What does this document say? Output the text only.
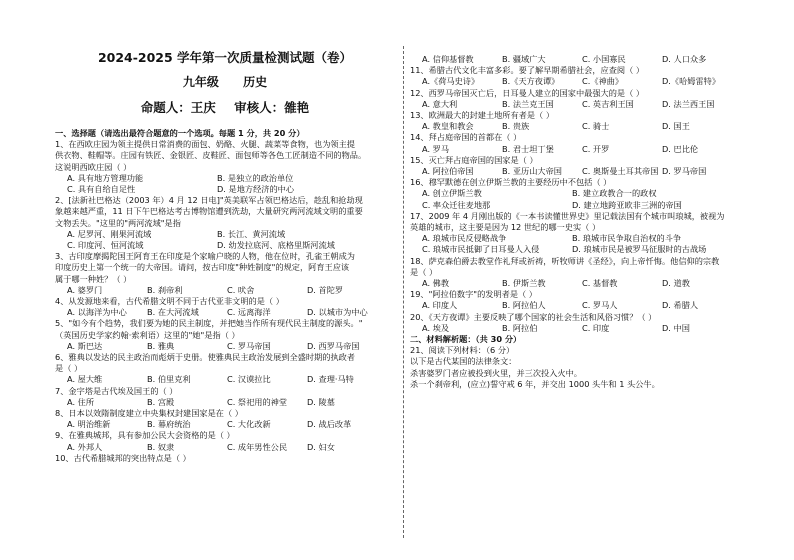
2024-2025 学年第一次质量检测试题（卷）
九年级 历史
命题人：王庆 审核人：雒艳
一、选择题（请选出最符合题意的一个选项。每题 1 分，共 20 分）
1、在西欧庄园为领主提供日常消费的面包、奶酪、火腿、蔬菜等食物，也为领主提
供衣物、鞋帽等。庄园有铁匠、金银匠、皮鞋匠、面包师等各色工匠制造不同的物品。
这说明西欧庄园（ ）
A. 具有地方管理功能	B. 是独立的政治单位
C. 具有自给自足性	D. 是地方经济的中心
2、[法新社巴格达（2003 年）4 月 12 日电]"英美联军占领巴格达后，趁乱和抢劫现
象越来越严重，11 日下午巴格达考古博物馆遭到洗劫，大量研究两河流域文明的重要
文物丢失。"这里的"两河流域"是指
A. 尼罗河、刚果河流域	B. 长江、黄河流域
C. 印度河、恒河流域	D. 幼发拉底河、底格里斯河流域
3、古印度摩揭陀国王阿育王在印度是个家喻户晓的人物，他在位时，孔雀王朝成为
印度历史上第一个统一的大帝国。请问，按古印度"种姓制度"的规定，阿育王应该
属于哪一种姓？（ ）
A. 婆罗门	B. 刹帝利	C. 吠舍	D. 首陀罗
4、从发源地来看，古代希腊文明不同于古代亚非文明的是（ ）
A. 以海洋为中心 B. 在大河流域	C. 远离海洋	D. 以城市为中心
5、"如今有个趋势，我们要为她的民主制度，并把她当作所有现代民主制度的源头。"
（英国历史学家约翰·索利语）这里的"她"是指（ ）
A. 斯巴达	B. 雅典	C. 罗马帝国	D. 西罗马帝国
6、雅典以发达的民主政治而彪炳于史册。使雅典民主政治发展到全盛时期的执政者
是（ ）
A. 屋大维	B. 伯里克利	C. 汉谟拉比	D. 查理·马特
7、金字塔是古代埃及国王的（ ）
A. 住所	B. 宫殿	C. 祭祀用的神堂 D. 陵墓
8、日本以效隋制度建立中央集权封建国家是在（ ）
A. 明治维新	B. 幕府统治	C. 大化改新	D. 战后改革
9、在雅典城邦，具有参加公民大会资格的是（ ）
A. 外邦人	B. 奴隶	C. 成年男性公民 D. 妇女
10、古代希腊城邦的突出特点是（ ）
A. 信仰基督教	B. 疆域广大	C. 小国寡民	D. 人口众多
11、希腊古代文化丰富多彩。要了解早期希腊社会，应查阅（ ）
A.《荷马史诗》	B.《天方夜谭》	C.《神曲》	D.《哈姆雷特》
12、西罗马帝国灭亡后，日耳曼人建立的国家中最强大的是（ ）
A. 意大利	B. 法兰克王国	C. 英吉利王国	D. 法兰西王国
13、欧洲最大的封建土地所有者是（ ）
A. 教皇和教会	B. 贵族	C. 骑士	D. 国王
14、拜占庭帝国的首都在（ ）
A. 罗马	B. 君士坦丁堡	C. 开罗	D. 巴比伦
15、灭亡拜占庭帝国的国家是（ ）
A. 阿拉伯帝国	B. 亚历山大帝国 C. 奥斯曼土耳其帝国 D. 罗马帝国
16、穆罕默德在创立伊斯兰教的主要经历中不包括（ ）
A. 创立伊斯兰教	B. 建立政教合一的政权
C. 率众迁往麦地那	D. 建立地跨亚欧非三洲的帝国
17、2009 年 4 月刚出版的《一本书读懂世界史》里记载法国有个城市叫琅城，被视为
英雄的城市，这主要是因为 12 世纪的哪一史实（ ）
A. 琅城市民反侵略战争	B. 琅城市民争取自治权的斗争
C. 琅城市民抵御了日耳曼人入侵	D. 琅城市民是被罗马征服时的古战场
18、萨克森伯爵去教堂作礼拜或祈祷，听牧师讲《圣经》，向上帝忏悔。他信仰的宗教
是（ ）
A. 佛教	B. 伊斯兰教	C. 基督教	D. 道教
19、"阿拉伯数字"的发明者是（ ）
A. 印度人	B. 阿拉伯人	C. 罗马人	D. 希腊人
20、《天方夜谭》主要反映了哪个国家的社会生活和风俗习惯？（ ）
A. 埃及	B. 阿拉伯	C. 印度	D. 中国
二、材料解析题：（共 30 分）
21、阅读下列材料：（6 分）
以下是古代某国的法律条文：
杀害婆罗门者应被投到火里，并三次投入火中。
杀一个刹帝利，(应立)誓守戒 6 年，并交出 1000 头牛和 1 头公牛。
